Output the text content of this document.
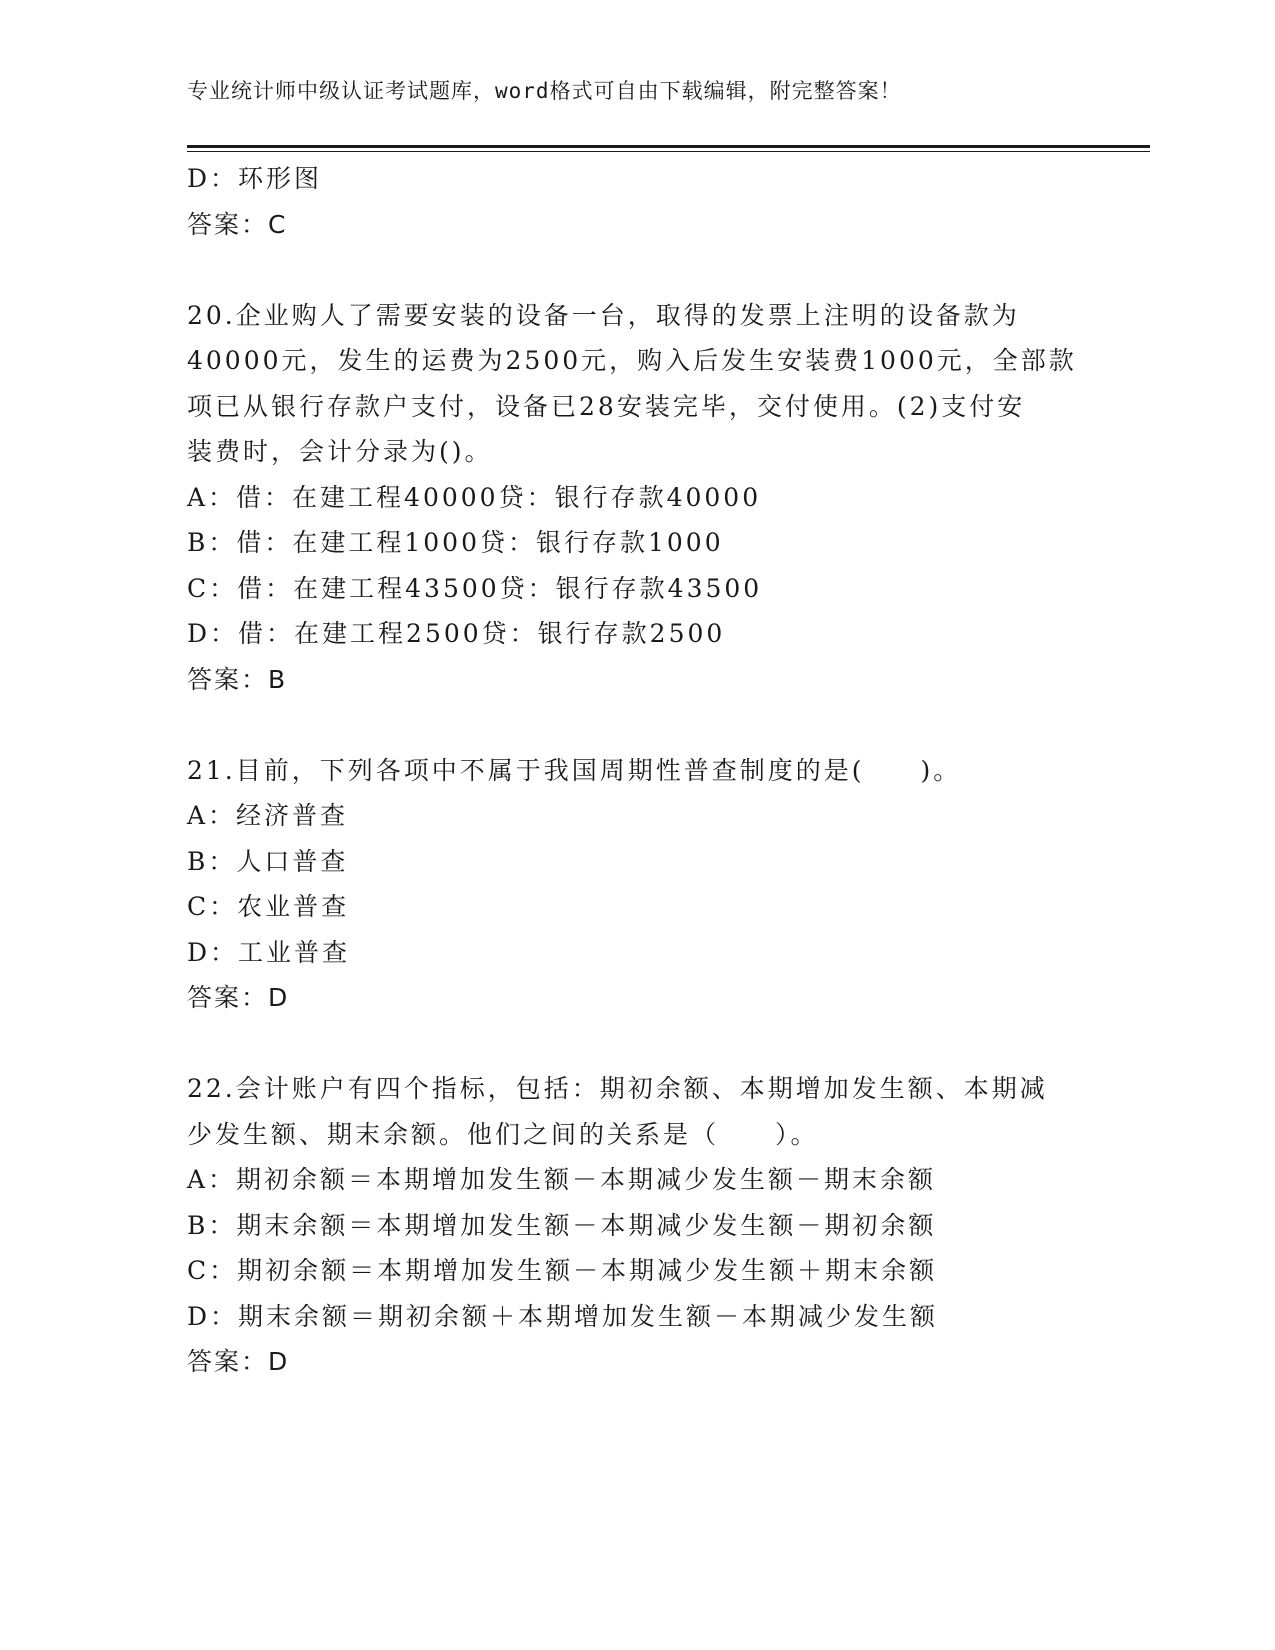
专业统计师中级认证考试题库，word格式可自由下载编辑，附完整答案！
D：环形图
答案：C
20.企业购人了需要安装的设备一台，取得的发票上注明的设备款为
40000元，发生的运费为2500元，购入后发生安装费1000元，全部款
项已从银行存款户支付，设备已28安装完毕，交付使用。(2)支付安
装费时，会计分录为()。
A：借：在建工程40000贷：银行存款40000
B：借：在建工程1000贷：银行存款1000
C：借：在建工程43500贷：银行存款43500
D：借：在建工程2500贷：银行存款2500
答案：B
21.目前，下列各项中不属于我国周期性普查制度的是(　　)。
A：经济普查
B：人口普查
C：农业普查
D：工业普查
答案：D
22.会计账户有四个指标，包括：期初余额、本期增加发生额、本期减
少发生额、期末余额。他们之间的关系是（　　）。
A：期初余额＝本期增加发生额－本期减少发生额－期末余额
B：期末余额＝本期增加发生额－本期减少发生额－期初余额
C：期初余额＝本期增加发生额－本期减少发生额＋期末余额
D：期末余额＝期初余额＋本期增加发生额－本期减少发生额
答案：D
